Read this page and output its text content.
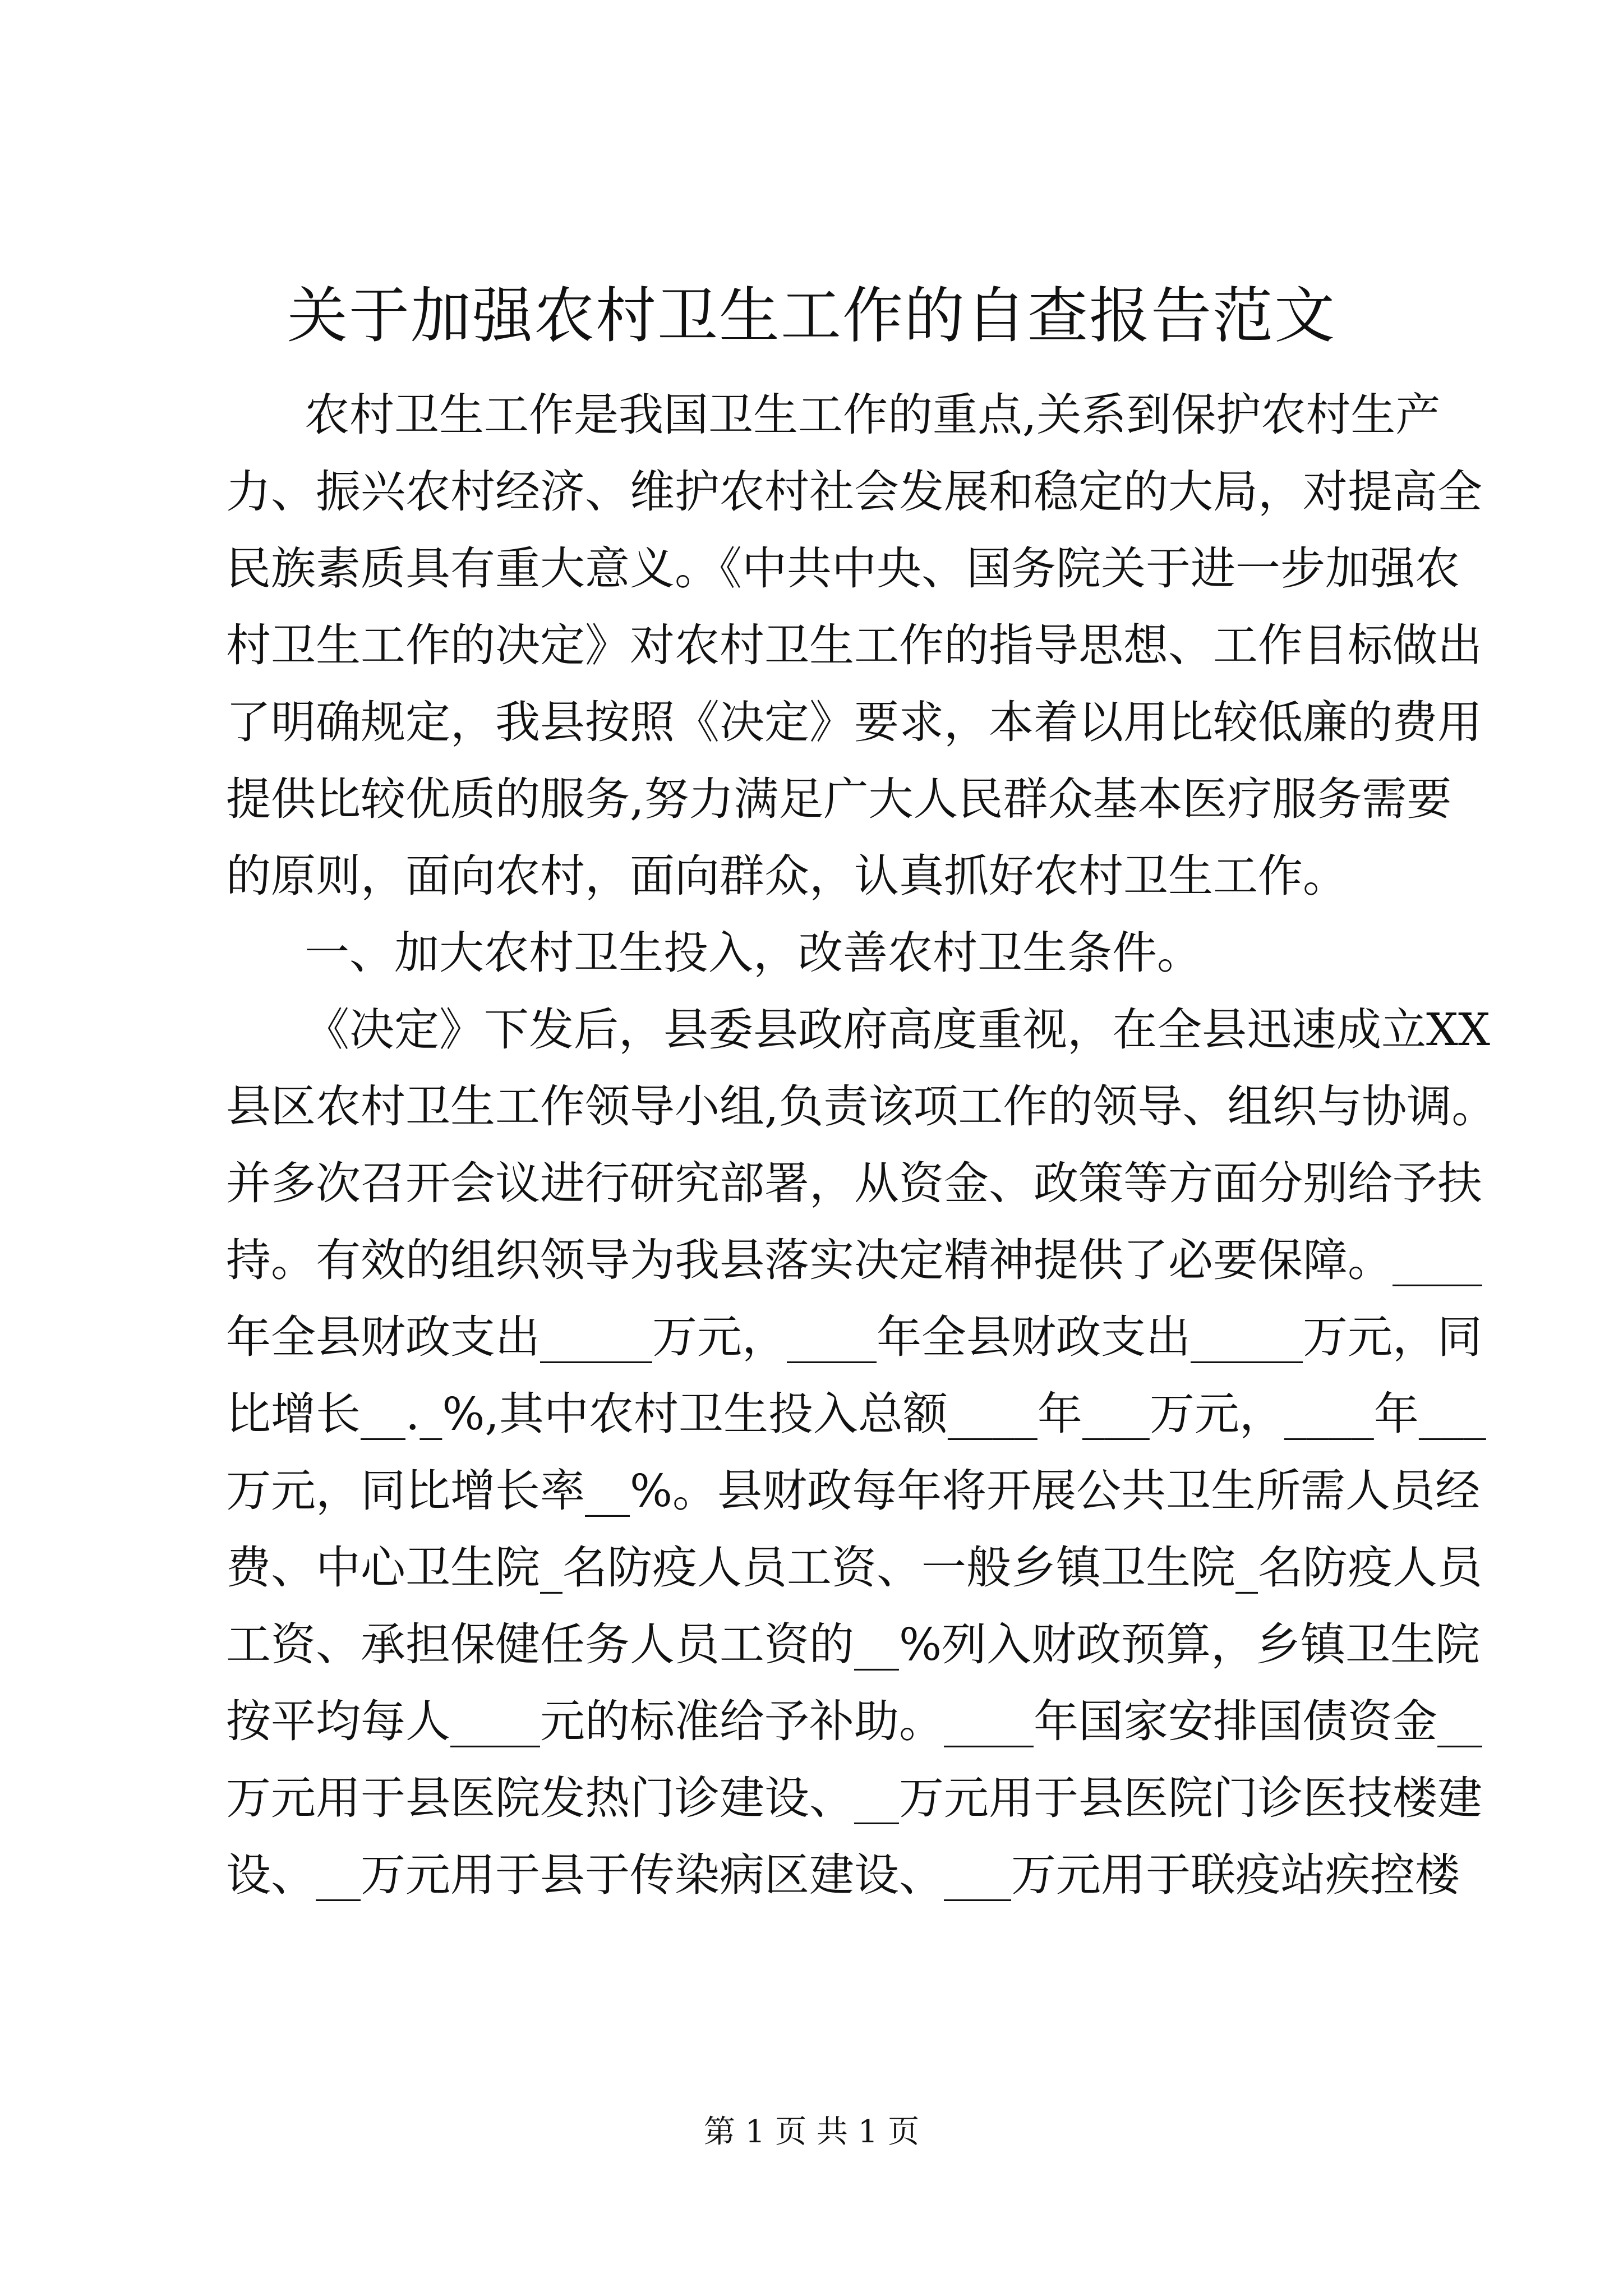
关于加强农村卫生工作的自查报告范文

农村卫生工作是我国卫生工作的重点,关系到保护农村生产

力、振兴农村经济、维护农村社会发展和稳定的大局，对提高全

民族素质具有重大意义。《中共中央、国务院关于进一步加强农

村卫生工作的决定》对农村卫生工作的指导思想、工作目标做出

了明确规定，我县按照《决定》要求，本着以用比较低廉的费用

提供比较优质的服务,努力满足广大人民群众基本医疗服务需要

的原则，面向农村，面向群众，认真抓好农村卫生工作。

一、加大农村卫生投入，改善农村卫生条件。

《决定》下发后，县委县政府高度重视，在全县迅速成立XX

县区农村卫生工作领导小组,负责该项工作的领导、组织与协调。

并多次召开会议进行研究部署，从资金、政策等方面分别给予扶

持。有效的组织领导为我县落实决定精神提供了必要保障。____

年全县财政支出_____万元，____年全县财政支出_____万元，同

比增长__._%,其中农村卫生投入总额____年___万元，____年___

万元，同比增长率__%。县财政每年将开展公共卫生所需人员经

费、中心卫生院_名防疫人员工资、一般乡镇卫生院_名防疫人员

工资、承担保健任务人员工资的__%列入财政预算，乡镇卫生院

按平均每人____元的标准给予补助。____年国家安排国债资金__

万元用于县医院发热门诊建设、__万元用于县医院门诊医技楼建

设、__万元用于县于传染病区建设、___万元用于联疫站疾控楼

第 1 页 共 1 页
